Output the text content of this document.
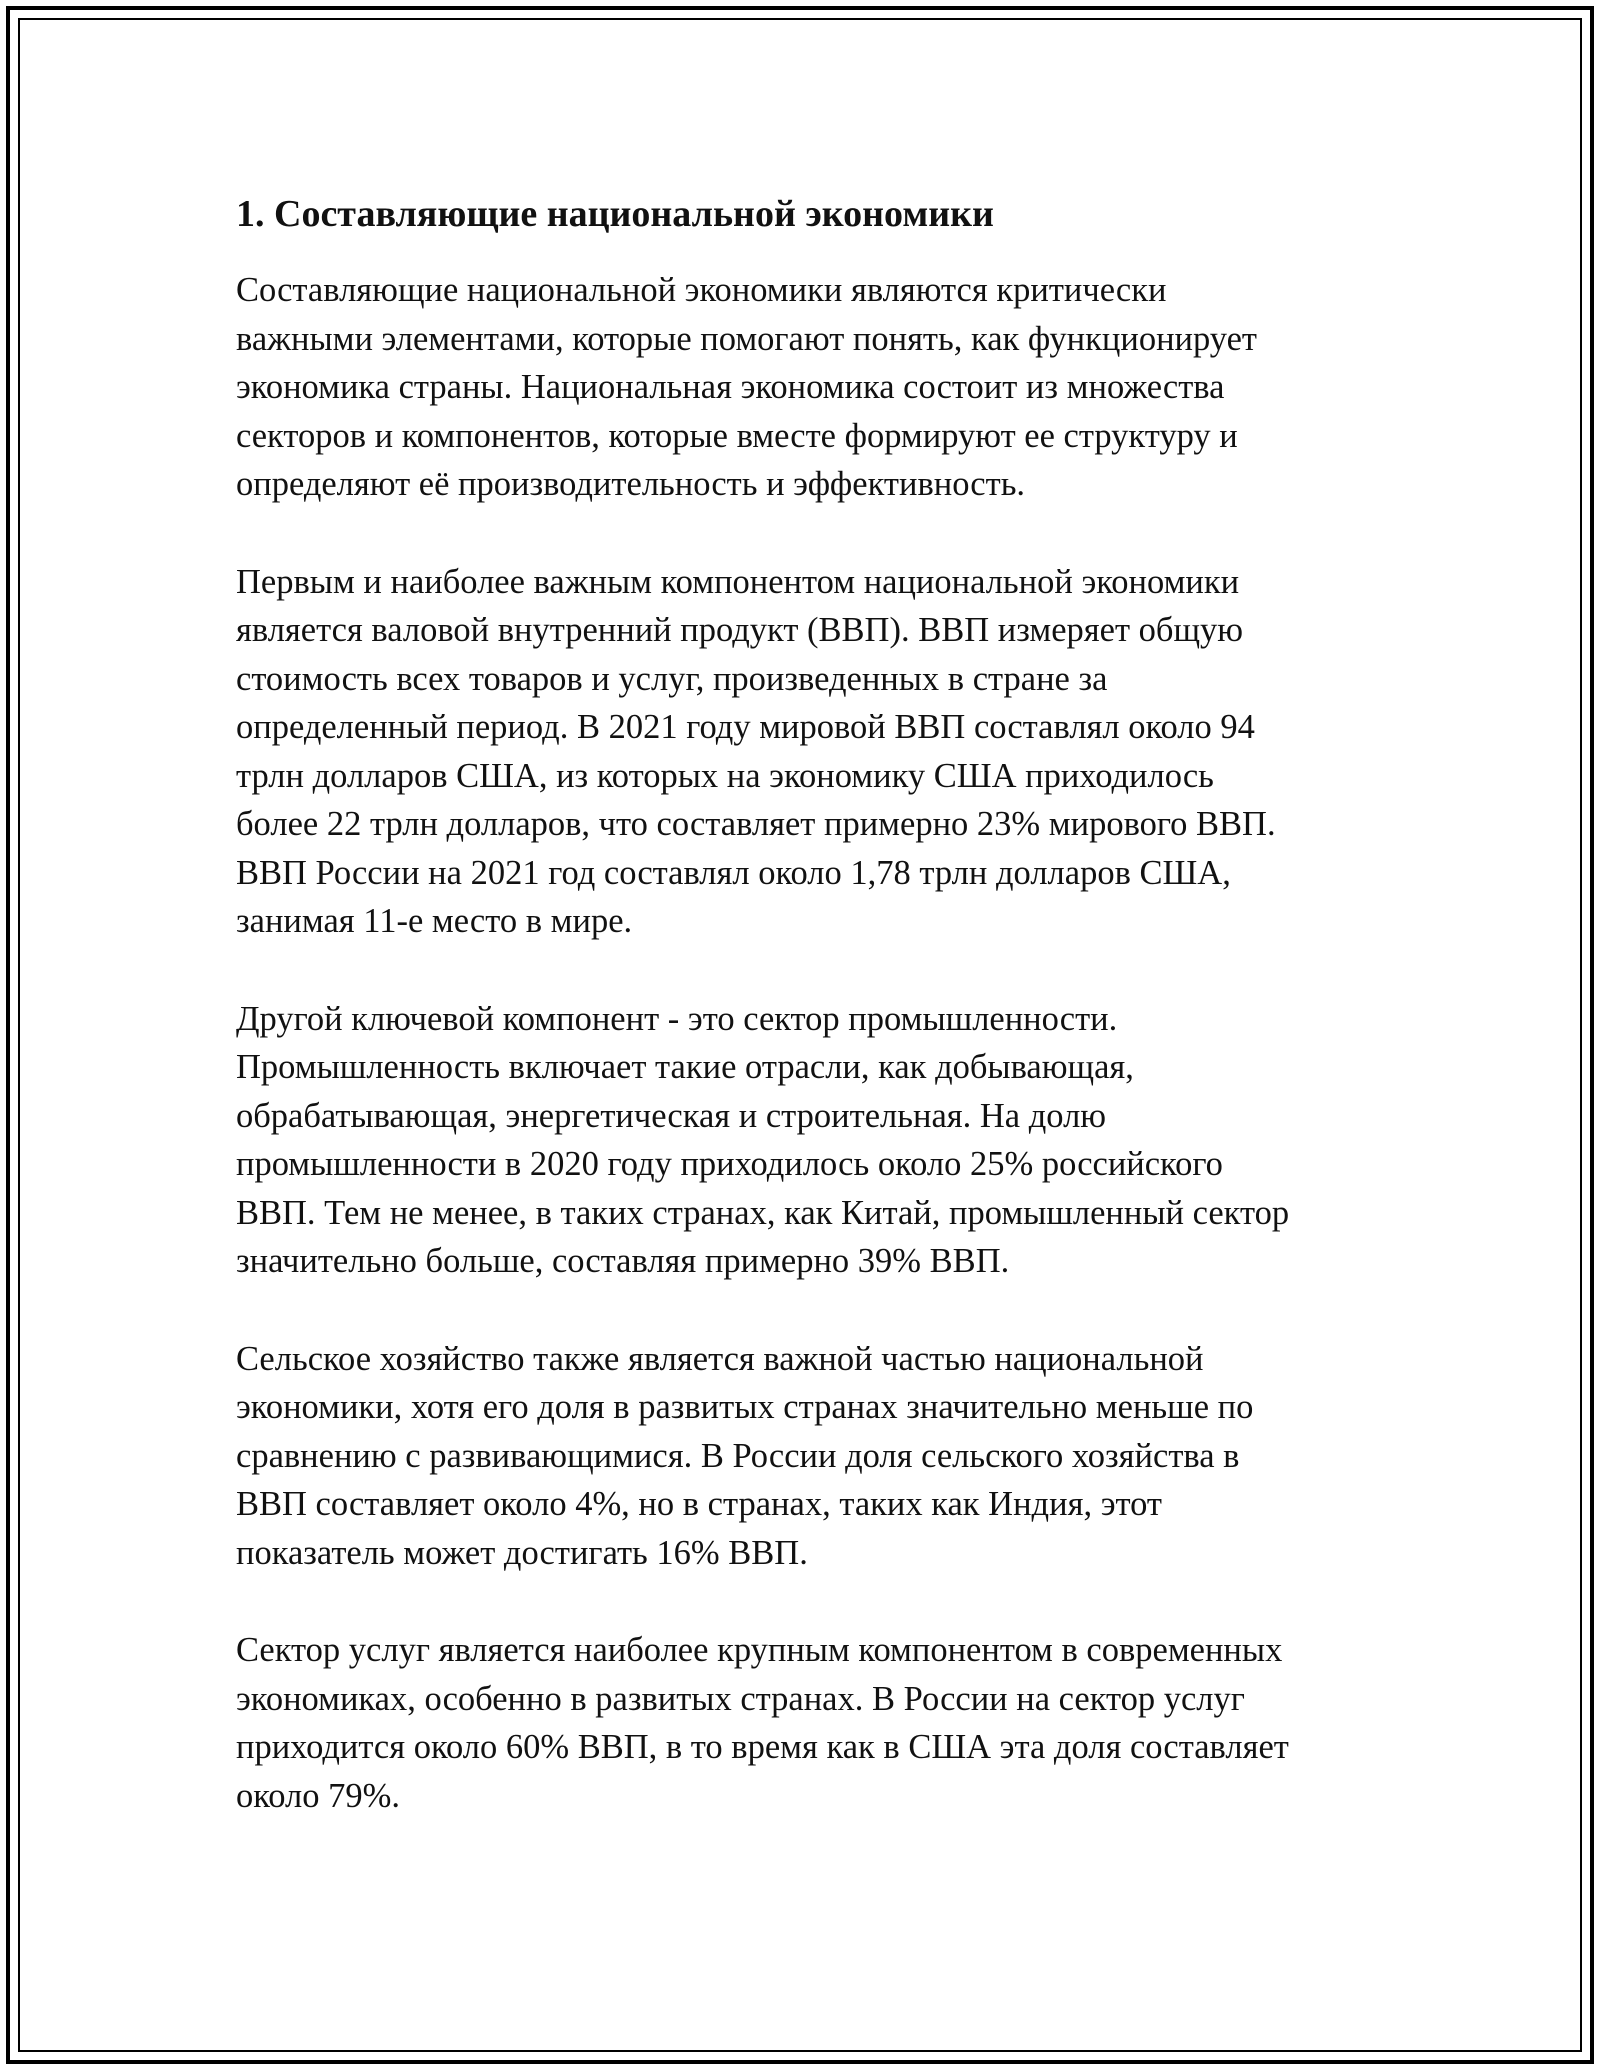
1. Составляющие национальной экономики

Составляющие национальной экономики являются критически
важными элементами, которые помогают понять, как функционирует
экономика страны. Национальная экономика состоит из множества
секторов и компонентов, которые вместе формируют ее структуру и
определяют её производительность и эффективность.

Первым и наиболее важным компонентом национальной экономики
является валовой внутренний продукт (ВВП). ВВП измеряет общую
стоимость всех товаров и услуг, произведенных в стране за
определенный период. В 2021 году мировой ВВП составлял около 94
трлн долларов США, из которых на экономику США приходилось
более 22 трлн долларов, что составляет примерно 23% мирового ВВП.
ВВП России на 2021 год составлял около 1,78 трлн долларов США,
занимая 11-е место в мире.

Другой ключевой компонент - это сектор промышленности.
Промышленность включает такие отрасли, как добывающая,
обрабатывающая, энергетическая и строительная. На долю
промышленности в 2020 году приходилось около 25% российского
ВВП. Тем не менее, в таких странах, как Китай, промышленный сектор
значительно больше, составляя примерно 39% ВВП.

Сельское хозяйство также является важной частью национальной
экономики, хотя его доля в развитых странах значительно меньше по
сравнению с развивающимися. В России доля сельского хозяйства в
ВВП составляет около 4%, но в странах, таких как Индия, этот
показатель может достигать 16% ВВП.

Сектор услуг является наиболее крупным компонентом в современных
экономиках, особенно в развитых странах. В России на сектор услуг
приходится около 60% ВВП, в то время как в США эта доля составляет
около 79%.
